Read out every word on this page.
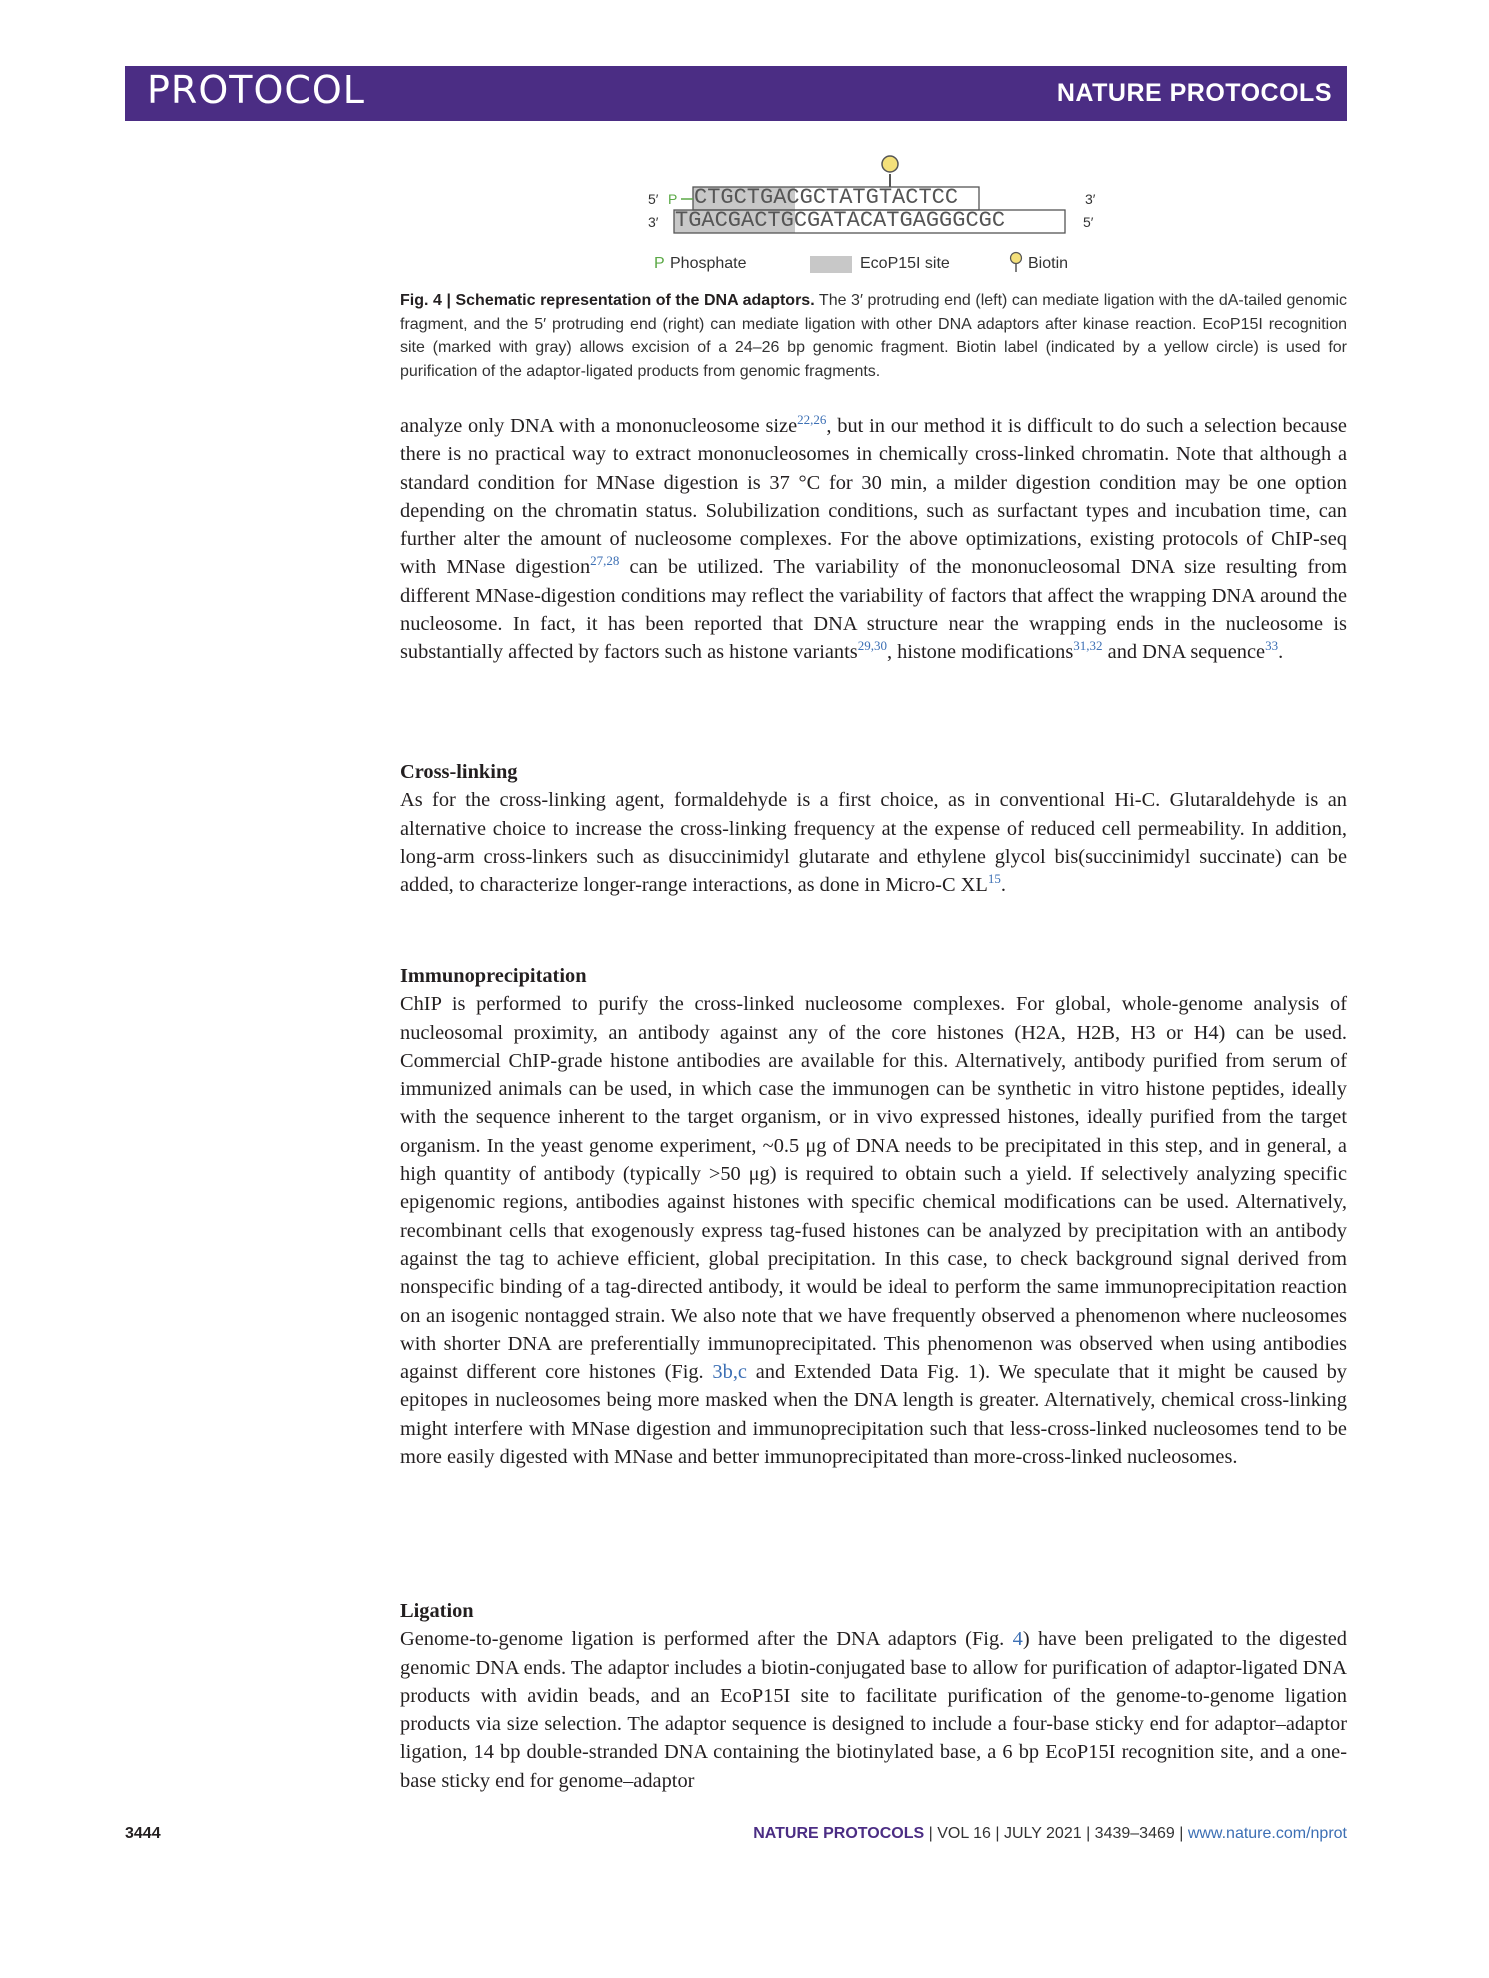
PROTOCOL	NATURE PROTOCOLS
5′ P CTGCTGACGCTATGTACTCC	3′
3′ TGACGACTGCGATACATGAGGGCGC	5′
P Phosphate	EcoP15I site	Biotin
Fig. 4 | Schematic representation of the DNA adaptors. The 3′ protruding end (left) can mediate ligation with the dA-tailed genomic fragment, and the 5′ protruding end (right) can mediate ligation with other DNA adaptors after kinase reaction. EcoP15I recognition site (marked with gray) allows excision of a 24–26 bp genomic fragment. Biotin label (indicated by a yellow circle) is used for purification of the adaptor-ligated products from genomic fragments.

analyze only DNA with a mononucleosome size$^{22,26}$, but in our method it is difficult to do such a selection because there is no practical way to extract mononucleosomes in chemically cross-linked chromatin. Note that although a standard condition for MNase digestion is 37 °C for 30 min, a milder digestion condition may be one option depending on the chromatin status. Solubilization conditions, such as surfactant types and incubation time, can further alter the amount of nucleosome complexes. For the above optimizations, existing protocols of ChIP-seq with MNase digestion$^{27,28}$ can be utilized. The variability of the mononucleosomal DNA size resulting from different MNase-digestion conditions may reflect the variability of factors that affect the wrapping DNA around the nucleosome. In fact, it has been reported that DNA structure near the wrapping ends in the nucleosome is substantially affected by factors such as histone variants$^{29,30}$, histone modifications$^{31,32}$ and DNA sequence$^{33}$.

Cross-linking

As for the cross-linking agent, formaldehyde is a first choice, as in conventional Hi-C. Glutaraldehyde is an alternative choice to increase the cross-linking frequency at the expense of reduced cell permeability. In addition, long-arm cross-linkers such as disuccinimidyl glutarate and ethylene glycol bis(succinimidyl succinate) can be added, to characterize longer-range interactions, as done in Micro-C XL$^{15}$.

Immunoprecipitation

ChIP is performed to purify the cross-linked nucleosome complexes. For global, whole-genome analysis of nucleosomal proximity, an antibody against any of the core histones (H2A, H2B, H3 or H4) can be used. Commercial ChIP-grade histone antibodies are available for this. Alternatively, antibody purified from serum of immunized animals can be used, in which case the immunogen can be synthetic in vitro histone peptides, ideally with the sequence inherent to the target organism, or in vivo expressed histones, ideally purified from the target organism. In the yeast genome experiment, ~0.5 μg of DNA needs to be precipitated in this step, and in general, a high quantity of antibody (typically >50 μg) is required to obtain such a yield. If selectively analyzing specific epigenomic regions, antibodies against histones with specific chemical modifications can be used. Alternatively, recombinant cells that exogenously express tag-fused histones can be analyzed by precipitation with an antibody against the tag to achieve efficient, global precipitation. In this case, to check background signal derived from nonspecific binding of a tag-directed antibody, it would be ideal to perform the same immunoprecipitation reaction on an isogenic nontagged strain. We also note that we have frequently observed a phenomenon where nucleosomes with shorter DNA are preferentially immunoprecipitated. This phenomenon was observed when using antibodies against different core histones (Fig. 3b,c and Extended Data Fig. 1). We speculate that it might be caused by epitopes in nucleosomes being more masked when the DNA length is greater. Alternatively, chemical cross-linking might interfere with MNase digestion and immunoprecipitation such that less-cross-linked nucleosomes tend to be more easily digested with MNase and better immunoprecipitated than more-cross-linked nucleosomes.

Ligation

Genome-to-genome ligation is performed after the DNA adaptors (Fig. 4) have been preligated to the digested genomic DNA ends. The adaptor includes a biotin-conjugated base to allow for purification of adaptor-ligated DNA products with avidin beads, and an EcoP15I site to facilitate purification of the genome-to-genome ligation products via size selection. The adaptor sequence is designed to include a four-base sticky end for adaptor–adaptor ligation, 14 bp double-stranded DNA containing the biotinylated base, a 6 bp EcoP15I recognition site, and a one-base sticky end for genome–adaptor

3444	NATURE PROTOCOLS | VOL 16 | JULY 2021 | 3439–3469 | www.nature.com/nprot
